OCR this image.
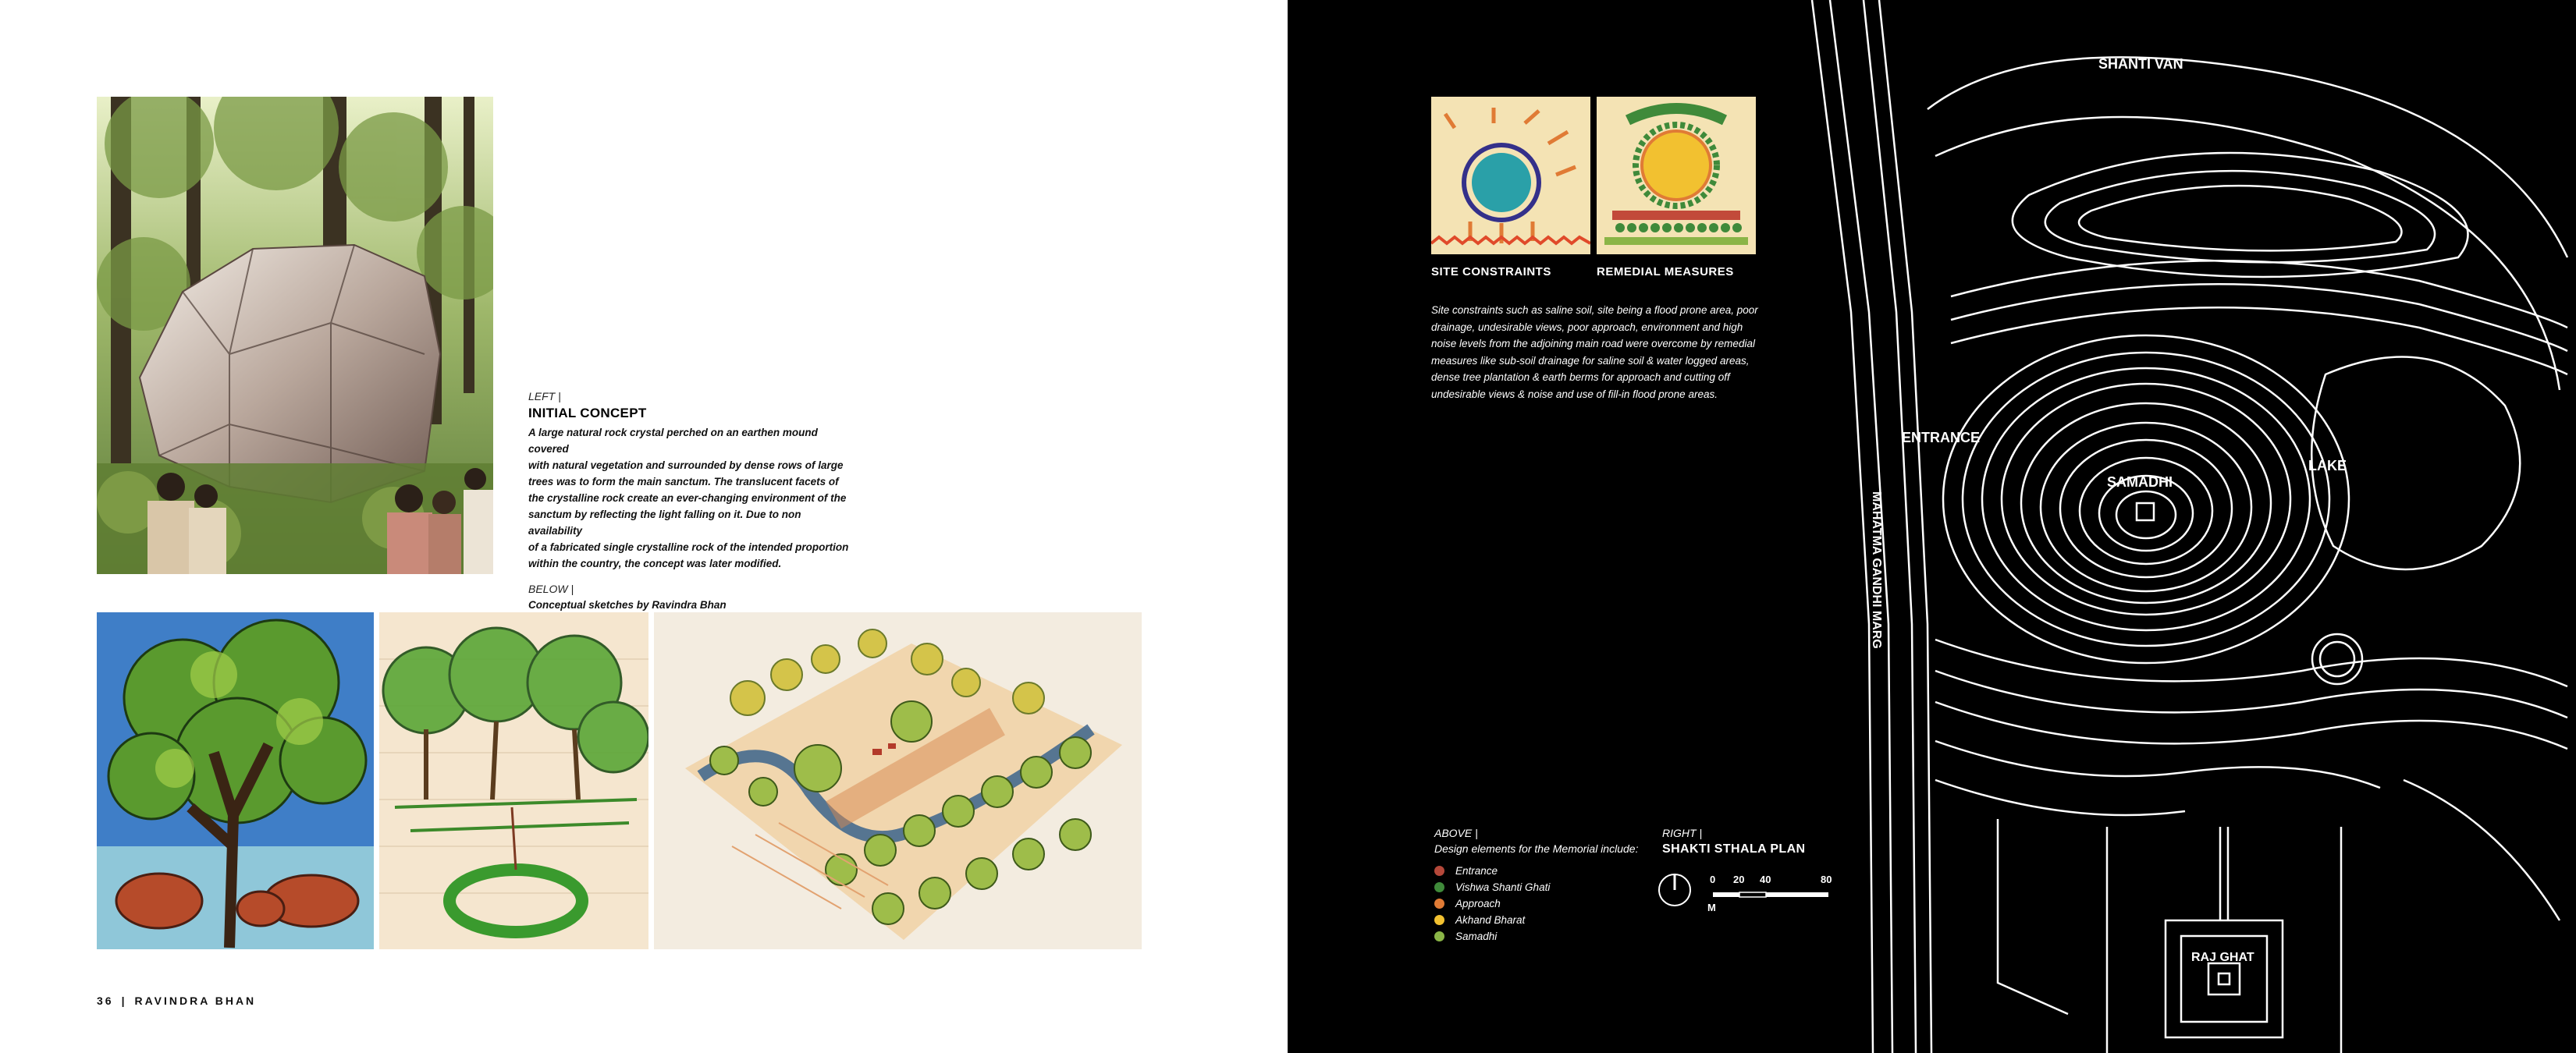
LEFT |
INITIAL CONCEPT
A large natural rock crystal perched on an earthen mound covered
with natural vegetation and surrounded by dense rows of large
trees was to form the main sanctum. The translucent facets of
the crystalline rock create an ever-changing environment of the
sanctum by reflecting the light falling on it. Due to non availability
of a fabricated single crystalline rock of the intended proportion
within the country, the concept was later modified.
BELOW |
Conceptual sketches by Ravindra Bhan
36 | RAVINDRA BHAN
SITE CONSTRAINTS	REMEDIAL MEASURES
Site constraints such as saline soil, site being a flood prone area, poor
drainage, undesirable views, poor approach, environment and high
noise levels from the adjoining main road were overcome by remedial
measures like sub-soil drainage for saline soil & water logged areas,
dense tree plantation & earth berms for approach and cutting off
undesirable views & noise and use of fill-in flood prone areas.
ABOVE |
Design elements for the Memorial include:
Entrance
Vishwa Shanti Ghati
Approach
Akhand Bharat
Samadhi
RIGHT |
SHAKTI STHALA PLAN
SHANTI VAN
ENTRANCE
SAMADHI
LAKE
MAHATMA GANDHI MARG
RAJ GHAT
0 20 40	80
M
